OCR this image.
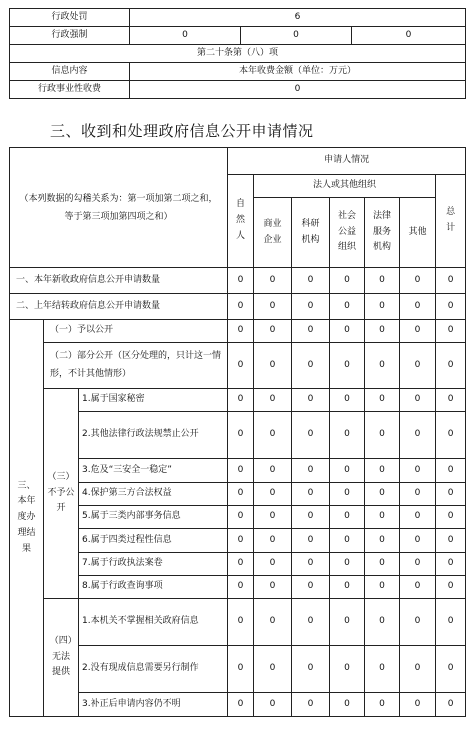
行政处罚	6		
行政强制	0	0	0
第二十条第（八）项			
信息内容	本年收费金额（单位：万元）		
行政事业性收费	0		
三、收到和处理政府信息公开申请情况
（本列数据的勾稽关系为：第一项加第二项之和，等于第三项加第四项之和）			申请人情况						
			自然人	法人或其他组织					总计
				商业企业	科研机构	社会公益组织	法律服务机构	其他	
一、本年新收政府信息公开申请数量			0	0	0	0	0	0	0
二、上年结转政府信息公开申请数量			0	0	0	0	0	0	0
三、本年度办理结果	（一）予以公开		0	0	0	0	0	0	0
	（二）部分公开（区分处理的，只计这一情形，不计其他情形）		0	0	0	0	0	0	0
	（三）不予公开	1.属于国家秘密	0	0	0	0	0	0	0
		2.其他法律行政法规禁止公开	0	0	0	0	0	0	0
		3.危及“三安全一稳定”	0	0	0	0	0	0	0
		4.保护第三方合法权益	0	0	0	0	0	0	0
		5.属于三类内部事务信息	0	0	0	0	0	0	0
		6.属于四类过程性信息	0	0	0	0	0	0	0
		7.属于行政执法案卷	0	0	0	0	0	0	0
		8.属于行政查询事项	0	0	0	0	0	0	0
	（四）无法提供	1.本机关不掌握相关政府信息	0	0	0	0	0	0	0
		2.没有现成信息需要另行制作	0	0	0	0	0	0	0
		3.补正后申请内容仍不明	0	0	0	0	0	0	0
